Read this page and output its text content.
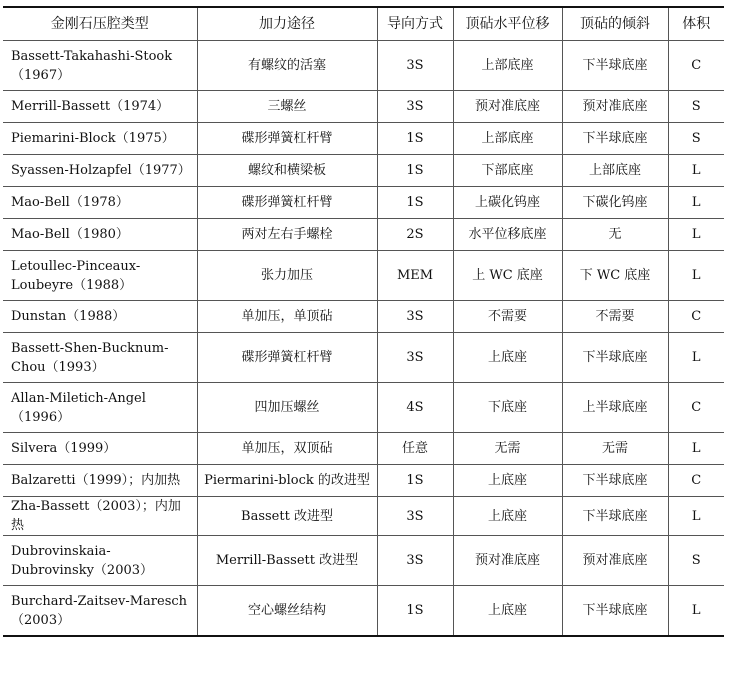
金刚石压腔类型	加力途径	导向方式	顶砧水平位移	顶砧的倾斜	体积
Bassett-Takahashi-Stook（1967）	有螺纹的活塞	3S	上部底座	下半球底座	C
Merrill-Bassett（1974）	三螺丝	3S	预对准底座	预对准底座	S
Piemarini-Block（1975）	碟形弹簧杠杆臂	1S	上部底座	下半球底座	S
Syassen-Holzapfel（1977）	螺纹和横梁板	1S	下部底座	上部底座	L
Mao-Bell（1978）	碟形弹簧杠杆臂	1S	上碳化钨座	下碳化钨座	L
Mao-Bell（1980）	两对左右手螺栓	2S	水平位移底座	无	L
Letoullec-Pinceaux-Loubeyre（1988）	张力加压	MEM	上 WC 底座	下 WC 底座	L
Dunstan（1988）	单加压，单顶砧	3S	不需要	不需要	C
Bassett-Shen-Bucknum-Chou（1993）	碟形弹簧杠杆臂	3S	上底座	下半球底座	L
Allan-Miletich-Angel（1996）	四加压螺丝	4S	下底座	上半球底座	C
Silvera（1999）	单加压，双顶砧	任意	无需	无需	L
Balzaretti（1999）；内加热	Piermarini-block 的改进型	1S	上底座	下半球底座	C
Zha-Bassett（2003）；内加热	Bassett 改进型	3S	上底座	下半球底座	L
Dubrovinskaia-Dubrovinsky（2003）	Merrill-Bassett 改进型	3S	预对准底座	预对准底座	S
Burchard-Zaitsev-Maresch（2003）	空心螺丝结构	1S	上底座	下半球底座	L
